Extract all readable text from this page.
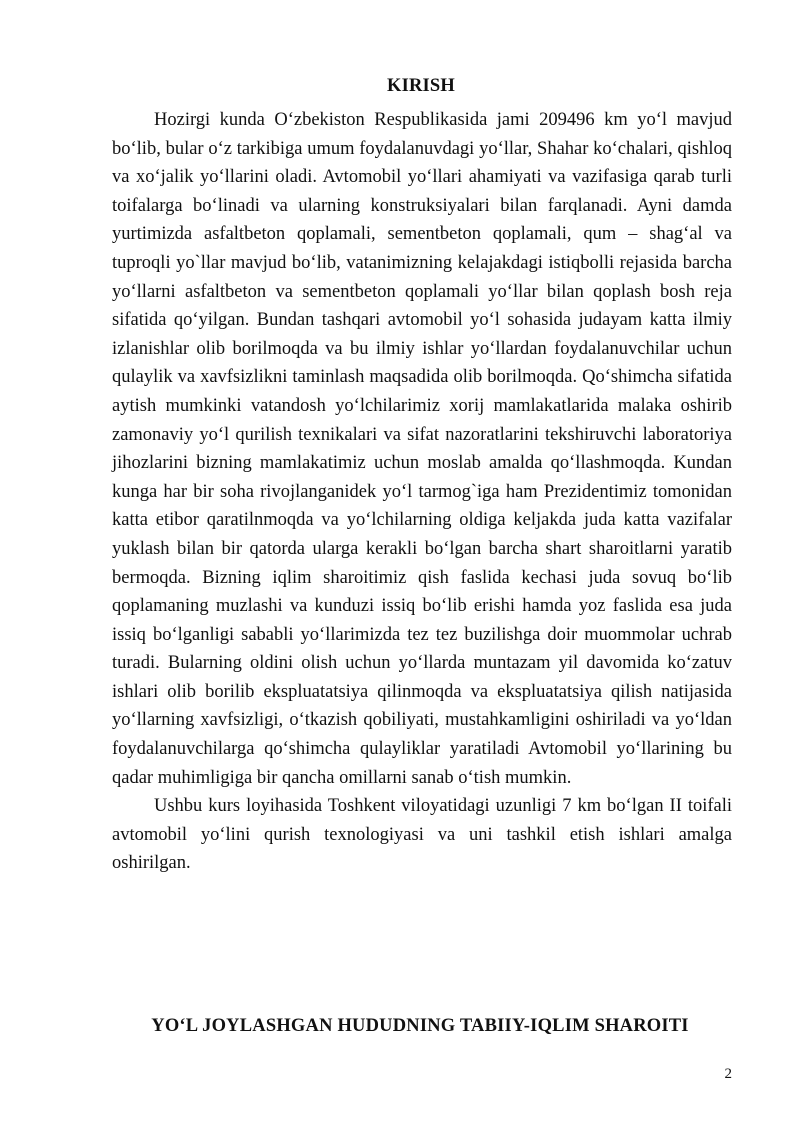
KIRISH

Hozirgi kunda O‘zbekiston Respublikasida jami 209496 km yo‘l mavjud bo‘lib, bular o‘z tarkibiga umum foydalanuvdagi yo‘llar, Shahar ko‘chalari, qishloq va xo‘jalik yo‘llarini oladi. Avtomobil yo‘llari ahamiyati va vazifasiga qarab turli toifalarga bo‘linadi va ularning konstruksiyalari bilan farqlanadi. Ayni damda yurtimizda asfaltbeton qoplamali, sementbeton qoplamali, qum – shag‘al va tuproqli yo`llar mavjud bo‘lib, vatanimizning kelajakdagi istiqbolli rejasida barcha yo‘llarni asfaltbeton va sementbeton qoplamali yo‘llar bilan qoplash bosh reja sifatida qo‘yilgan. Bundan tashqari avtomobil yo‘l sohasida judayam katta ilmiy izlanishlar olib borilmoqda va bu ilmiy ishlar yo‘llardan foydalanuvchilar uchun qulaylik va xavfsizlikni taminlash maqsadida olib borilmoqda. Qo‘shimcha sifatida aytish mumkinki vatandosh yo‘lchilarimiz xorij mamlakatlarida malaka oshirib zamonaviy yo‘l qurilish texnikalari va sifat nazoratlarini tekshiruvchi laboratoriya jihozlarini bizning mamlakatimiz uchun moslab amalda qo‘llashmoqda. Kundan kunga har bir soha rivojlanganidek yo‘l tarmog`iga ham Prezidentimiz tomonidan katta etibor qaratilnmoqda va yo‘lchilarning oldiga keljakda juda katta vazifalar yuklash bilan bir qatorda ularga kerakli bo‘lgan barcha shart sharoitlarni yaratib bermoqda. Bizning iqlim sharoitimiz qish faslida kechasi juda sovuq bo‘lib qoplamaning muzlashi va kunduzi issiq bo‘lib erishi hamda yoz faslida esa juda issiq bo‘lganligi sababli yo‘llarimizda tez tez buzilishga doir muommolar uchrab turadi. Bularning oldini olish uchun yo‘llarda muntazam yil davomida ko‘zatuv ishlari olib borilib ekspluatatsiya qilinmoqda va ekspluatatsiya qilish natijasida yo‘llarning xavfsizligi, o‘tkazish qobiliyati, mustahkamligini oshiriladi va yo‘ldan foydalanuvchilarga qo‘shimcha qulayliklar yaratiladi Avtomobil yo‘llarining bu qadar muhimligiga bir qancha omillarni sanab o‘tish mumkin.

Ushbu kurs loyihasida Toshkent viloyatidagi uzunligi 7 km bo‘lgan II toifali avtomobil yo‘lini qurish texnologiyasi va uni tashkil etish ishlari amalga oshirilgan.

YO‘L JOYLASHGAN HUDUDNING TABIIY-IQLIM SHAROITI
2
